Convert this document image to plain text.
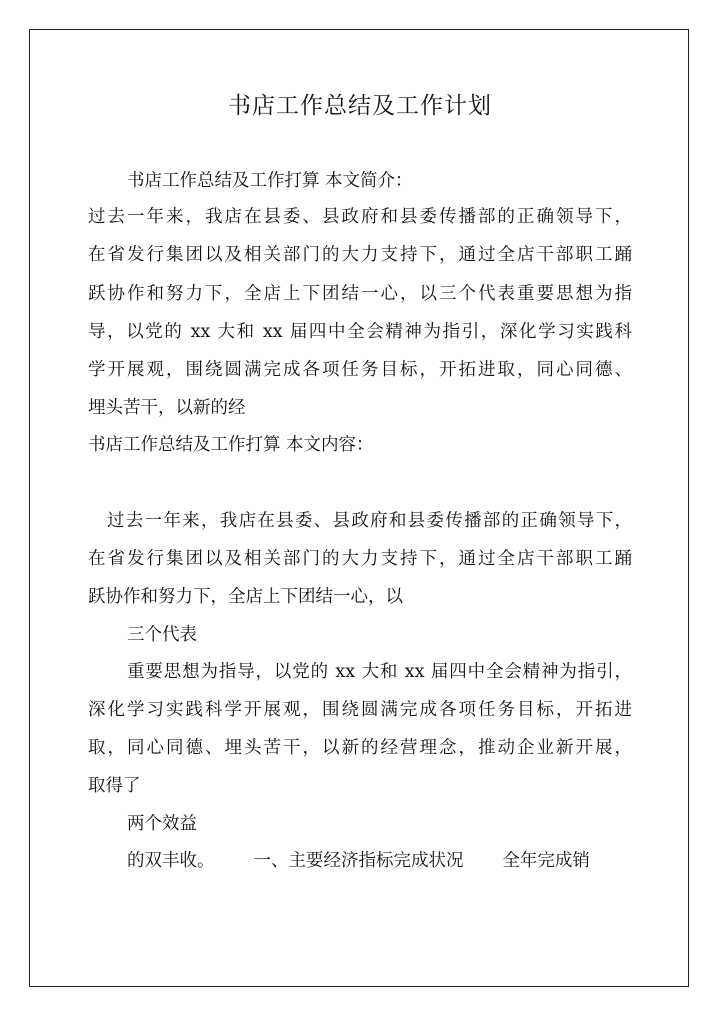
书店工作总结及工作计划
书店工作总结及工作打算 本文简介：
过去一年来，我店在县委、县政府和县委传播部的正确领导下，
在省发行集团以及相关部门的大力支持下，通过全店干部职工踊
跃协作和努力下，全店上下团结一心，以三个代表重要思想为指
导，以党的 xx 大和 xx 届四中全会精神为指引，深化学习实践科
学开展观，围绕圆满完成各项任务目标，开拓进取，同心同德、
埋头苦干，以新的经
书店工作总结及工作打算 本文内容：
过去一年来，我店在县委、县政府和县委传播部的正确领导下，
在省发行集团以及相关部门的大力支持下，通过全店干部职工踊
跃协作和努力下，全店上下团结一心，以
三个代表
重要思想为指导，以党的 xx 大和 xx 届四中全会精神为指引，
深化学习实践科学开展观，围绕圆满完成各项任务目标，开拓进
取，同心同德、埋头苦干，以新的经营理念，推动企业新开展，
取得了
两个效益
的双丰收。       一、主要经济指标完成状况       全年完成销
